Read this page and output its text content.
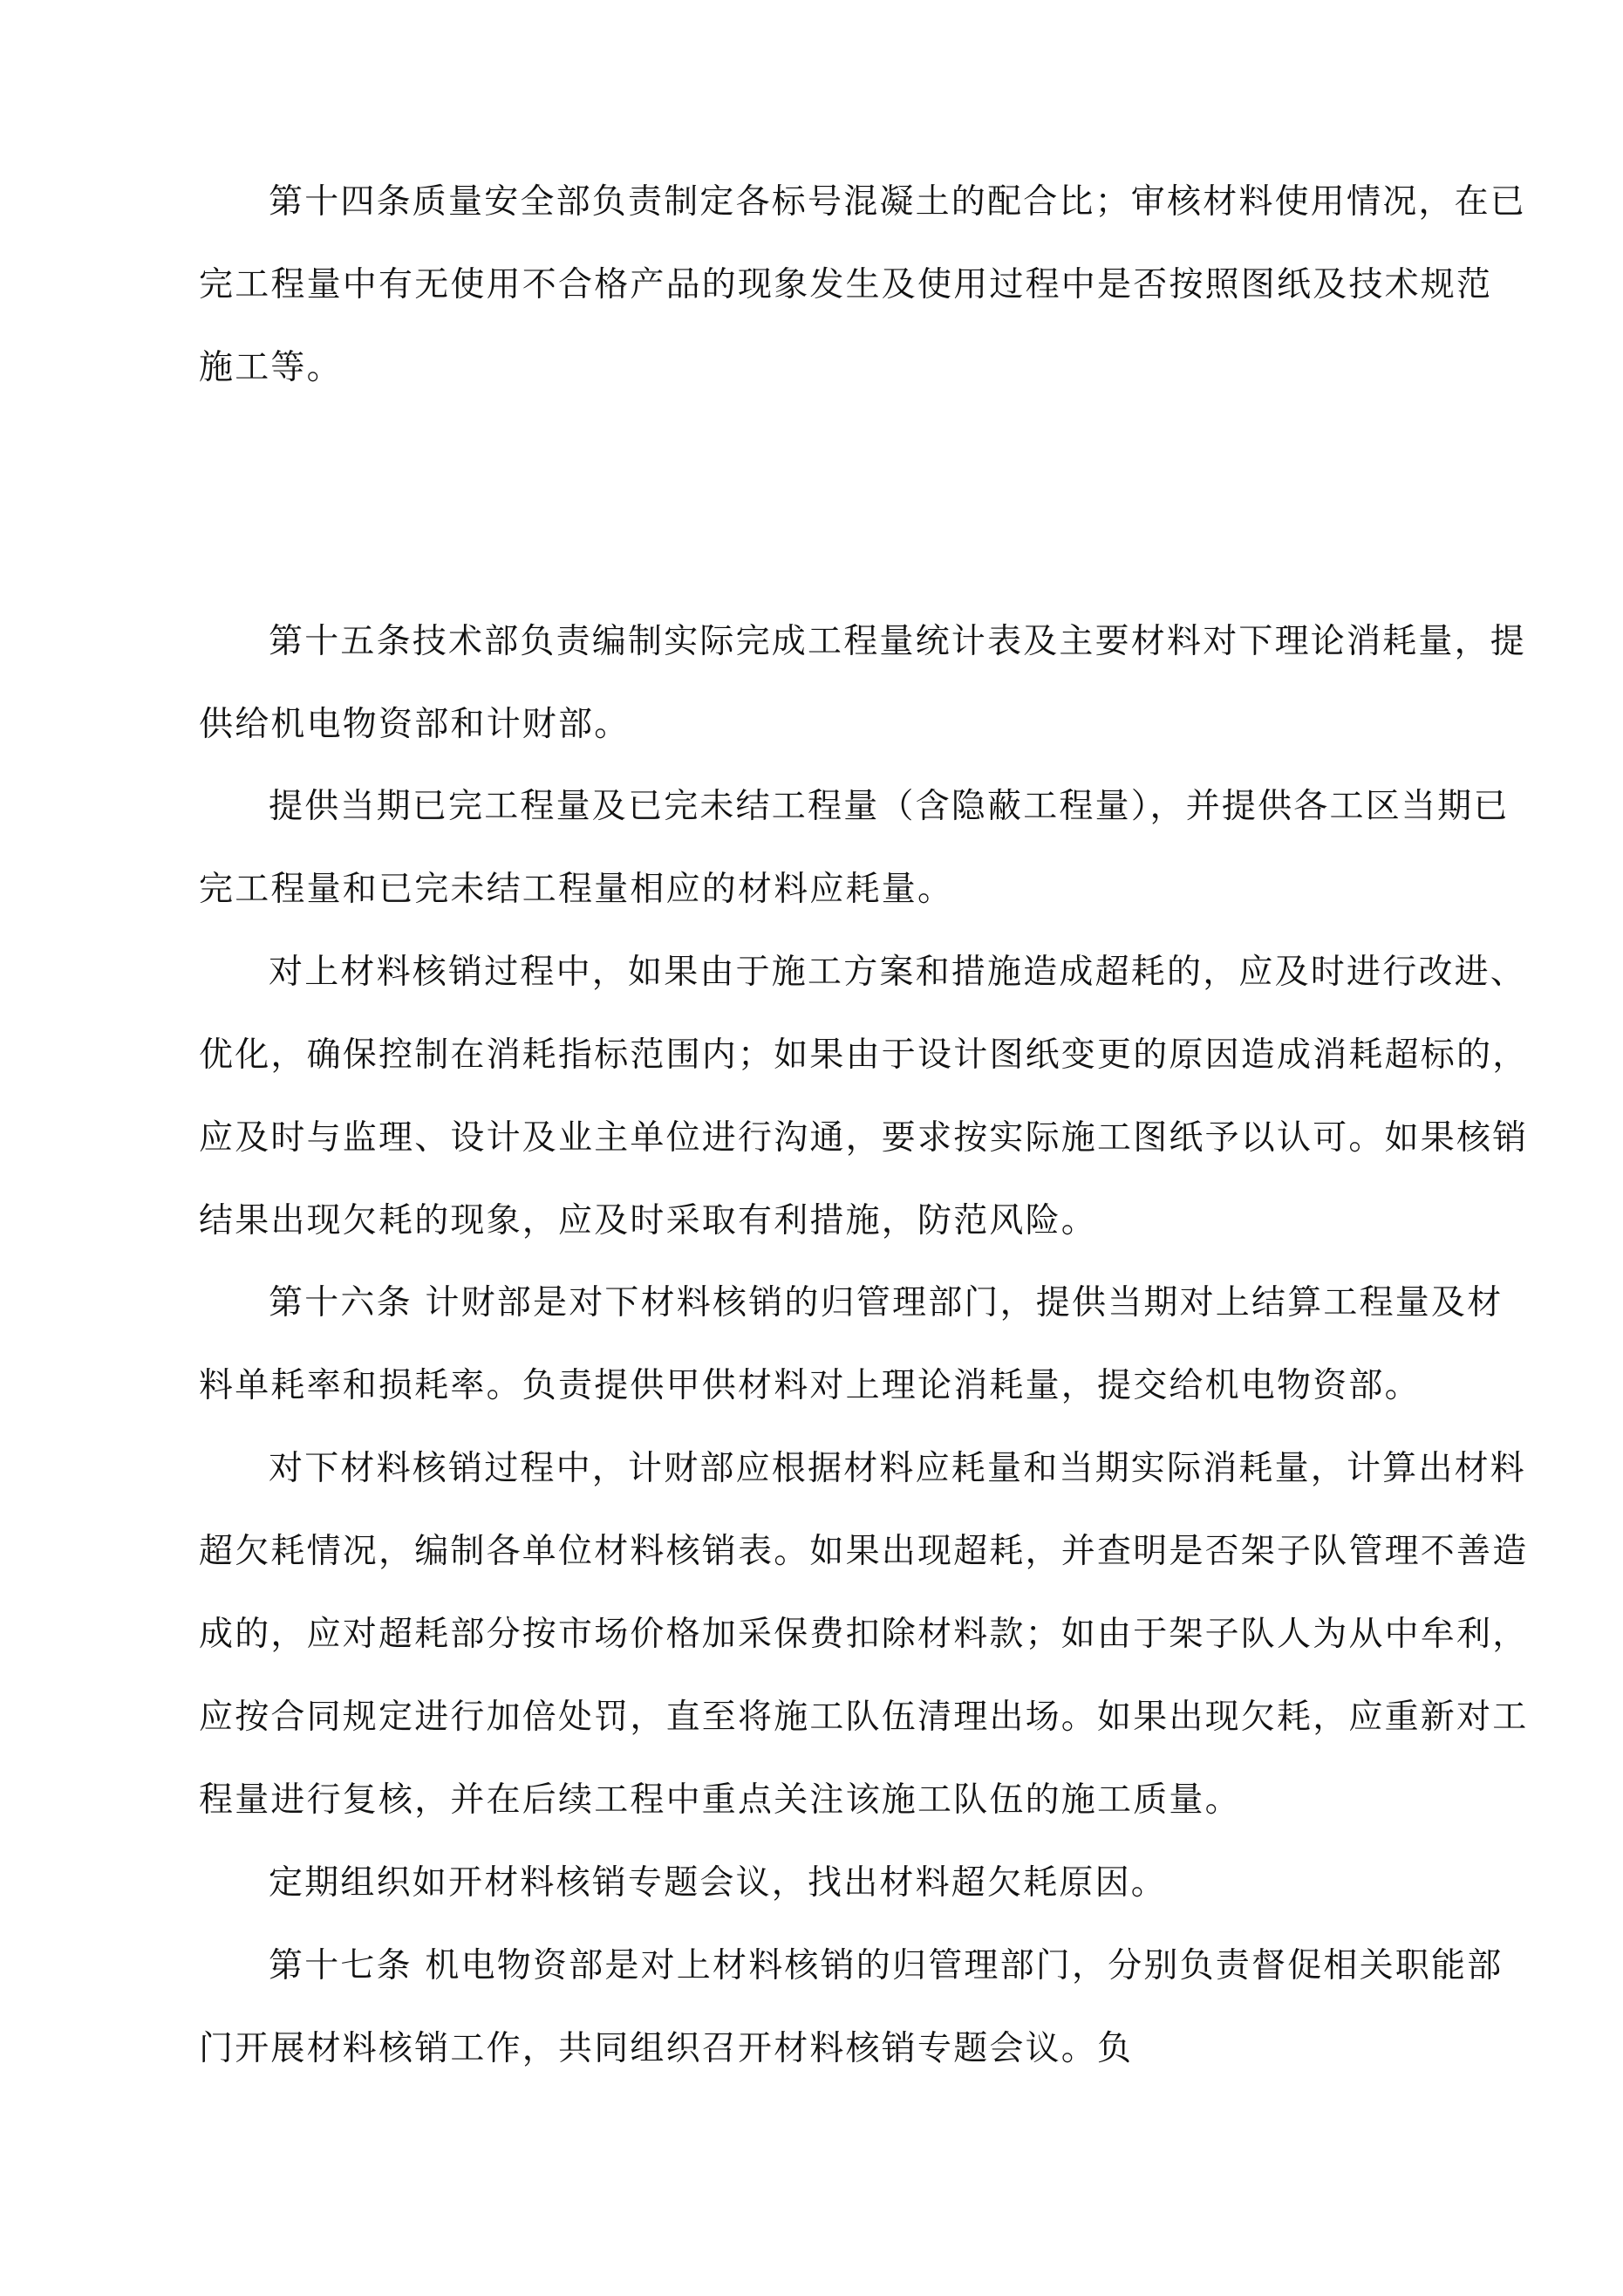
第十四条质量安全部负责制定各标号混凝土的配合比；审核材料使用情况，在已
完工程量中有无使用不合格产品的现象发生及使用过程中是否按照图纸及技术规范
施工等。
第十五条技术部负责编制实际完成工程量统计表及主要材料对下理论消耗量，提
供给机电物资部和计财部。
提供当期已完工程量及已完未结工程量（含隐蔽工程量），并提供各工区当期已
完工程量和已完未结工程量相应的材料应耗量。
对上材料核销过程中，如果由于施工方案和措施造成超耗的，应及时进行改进、
优化，确保控制在消耗指标范围内；如果由于设计图纸变更的原因造成消耗超标的，
应及时与监理、设计及业主单位进行沟通，要求按实际施工图纸予以认可。如果核销
结果出现欠耗的现象，应及时采取有利措施，防范风险。
第十六条 计财部是对下材料核销的归管理部门，提供当期对上结算工程量及材
料单耗率和损耗率。负责提供甲供材料对上理论消耗量，提交给机电物资部。
对下材料核销过程中，计财部应根据材料应耗量和当期实际消耗量，计算出材料
超欠耗情况，编制各单位材料核销表。如果出现超耗，并查明是否架子队管理不善造
成的，应对超耗部分按市场价格加采保费扣除材料款；如由于架子队人为从中牟利，
应按合同规定进行加倍处罚，直至将施工队伍清理出场。如果出现欠耗，应重新对工
程量进行复核，并在后续工程中重点关注该施工队伍的施工质量。
定期组织如开材料核销专题会议，找出材料超欠耗原因。
第十七条 机电物资部是对上材料核销的归管理部门，分别负责督促相关职能部
门开展材料核销工作，共同组织召开材料核销专题会议。负
